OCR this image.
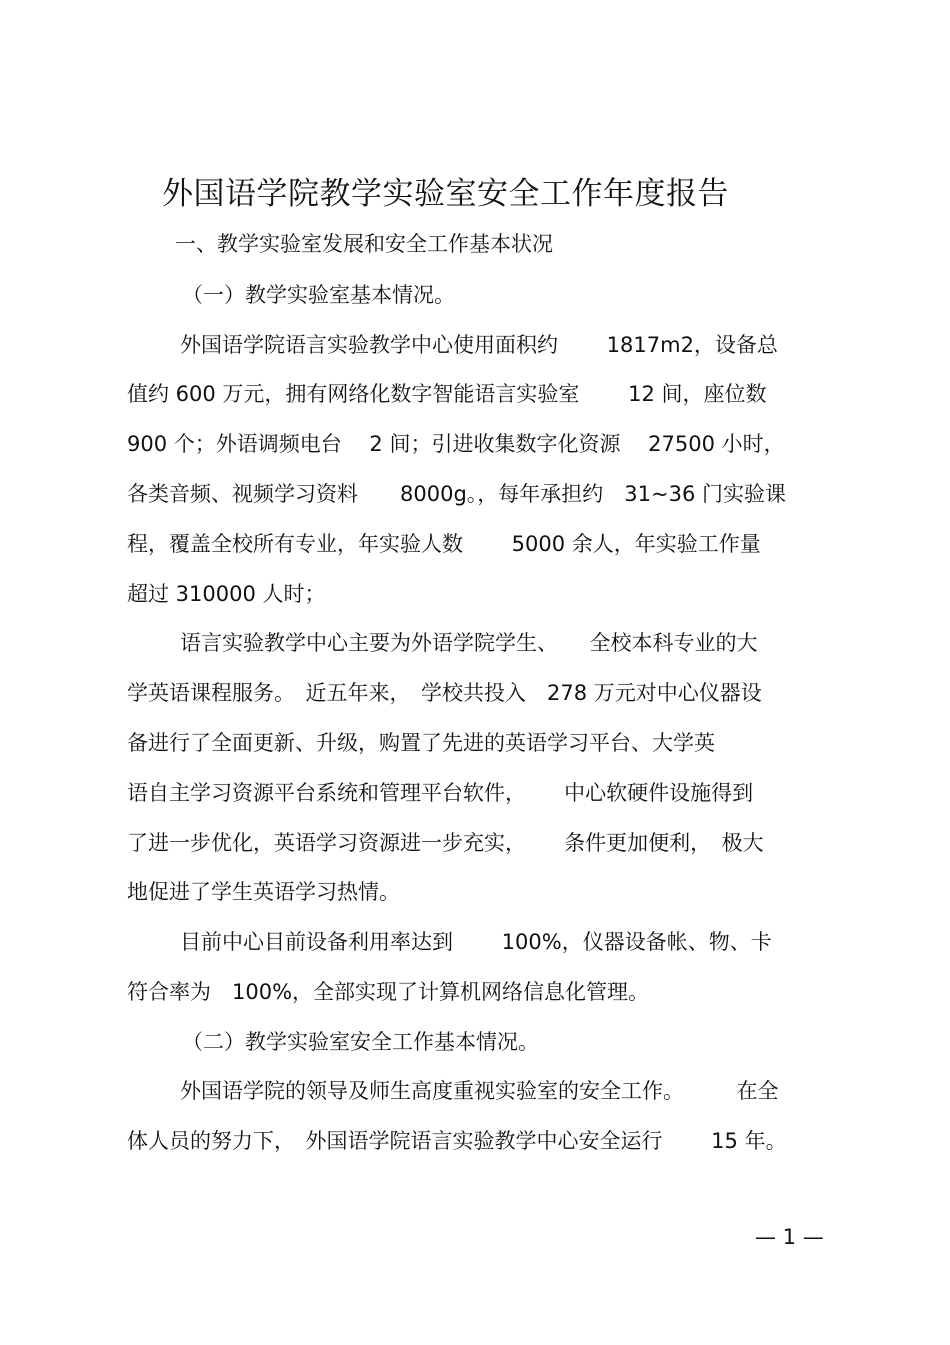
外国语学院教学实验室安全工作年度报告

一、教学实验室发展和安全工作基本状况

（一）教学实验室基本情况。

外国语学院语言实验教学中心使用面积约　　 1817m2，设备总

值约 600 万元，拥有网络化数字智能语言实验室　　 12 间，座位数

900 个；外语调频电台　 2 间；引进收集数字化资源　 27500 小时，

各类音频、视频学习资料　　8000g。，每年承担约　31~36 门实验课

程，覆盖全校所有专业，年实验人数　　 5000 余人，年实验工作量

超过 310000 人时；

语言实验教学中心主要为外语学院学生、　　全校本科专业的大

学英语课程服务。　近五年来，　学校共投入　278 万元对中心仪器设

备进行了全面更新、升级，购置了先进的英语学习平台、大学英

语自主学习资源平台系统和管理平台软件，　　 中心软硬件设施得到

了进一步优化，英语学习资源进一步充实，　　 条件更加便利，　极大

地促进了学生英语学习热情。

目前中心目前设备利用率达到　　 100%，仪器设备帐、物、卡

符合率为　100%，全部实现了计算机网络信息化管理。

（二）教学实验室安全工作基本情况。

外国语学院的领导及师生高度重视实验室的安全工作。　　　在全

体人员的努力下，　外国语学院语言实验教学中心安全运行　　 15 年。

— 1 —
